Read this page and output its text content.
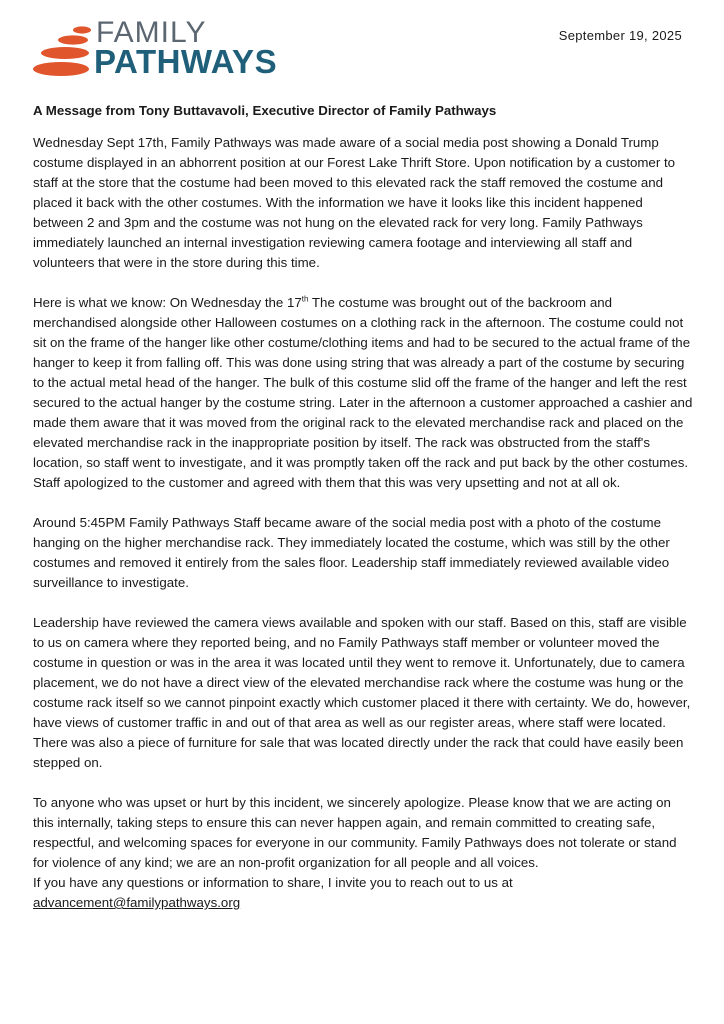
FAMILY
PATHWAYS
September 19, 2025
A Message from Tony Buttavavoli, Executive Director of Family Pathways

Wednesday Sept 17th, Family Pathways was made aware of a social media post showing a Donald Trump costume displayed in an abhorrent position at our Forest Lake Thrift Store. Upon notification by a customer to staff at the store that the costume had been moved to this elevated rack the staff removed the costume and placed it back with the other costumes. With the information we have it looks like this incident happened between 2 and 3pm and the costume was not hung on the elevated rack for very long. Family Pathways immediately launched an internal investigation reviewing camera footage and interviewing all staff and volunteers that were in the store during this time.

Here is what we know: On Wednesday the 17th The costume was brought out of the backroom and merchandised alongside other Halloween costumes on a clothing rack in the afternoon. The costume could not sit on the frame of the hanger like other costume/clothing items and had to be secured to the actual frame of the hanger to keep it from falling off. This was done using string that was already a part of the costume by securing to the actual metal head of the hanger. The bulk of this costume slid off the frame of the hanger and left the rest secured to the actual hanger by the costume string. Later in the afternoon a customer approached a cashier and made them aware that it was moved from the original rack to the elevated merchandise rack and placed on the elevated merchandise rack in the inappropriate position by itself. The rack was obstructed from the staff's location, so staff went to investigate, and it was promptly taken off the rack and put back by the other costumes. Staff apologized to the customer and agreed with them that this was very upsetting and not at all ok.

Around 5:45PM Family Pathways Staff became aware of the social media post with a photo of the costume hanging on the higher merchandise rack. They immediately located the costume, which was still by the other costumes and removed it entirely from the sales floor. Leadership staff immediately reviewed available video surveillance to investigate.

Leadership have reviewed the camera views available and spoken with our staff. Based on this, staff are visible to us on camera where they reported being, and no Family Pathways staff member or volunteer moved the costume in question or was in the area it was located until they went to remove it. Unfortunately, due to camera placement, we do not have a direct view of the elevated merchandise rack where the costume was hung or the costume rack itself so we cannot pinpoint exactly which customer placed it there with certainty. We do, however, have views of customer traffic in and out of that area as well as our register areas, where staff were located. There was also a piece of furniture for sale that was located directly under the rack that could have easily been stepped on.

To anyone who was upset or hurt by this incident, we sincerely apologize. Please know that we are acting on this internally, taking steps to ensure this can never happen again, and remain committed to creating safe, respectful, and welcoming spaces for everyone in our community. Family Pathways does not tolerate or stand for violence of any kind; we are an non-profit organization for all people and all voices.

If you have any questions or information to share, I invite you to reach out to us at
advancement@familypathways.org
